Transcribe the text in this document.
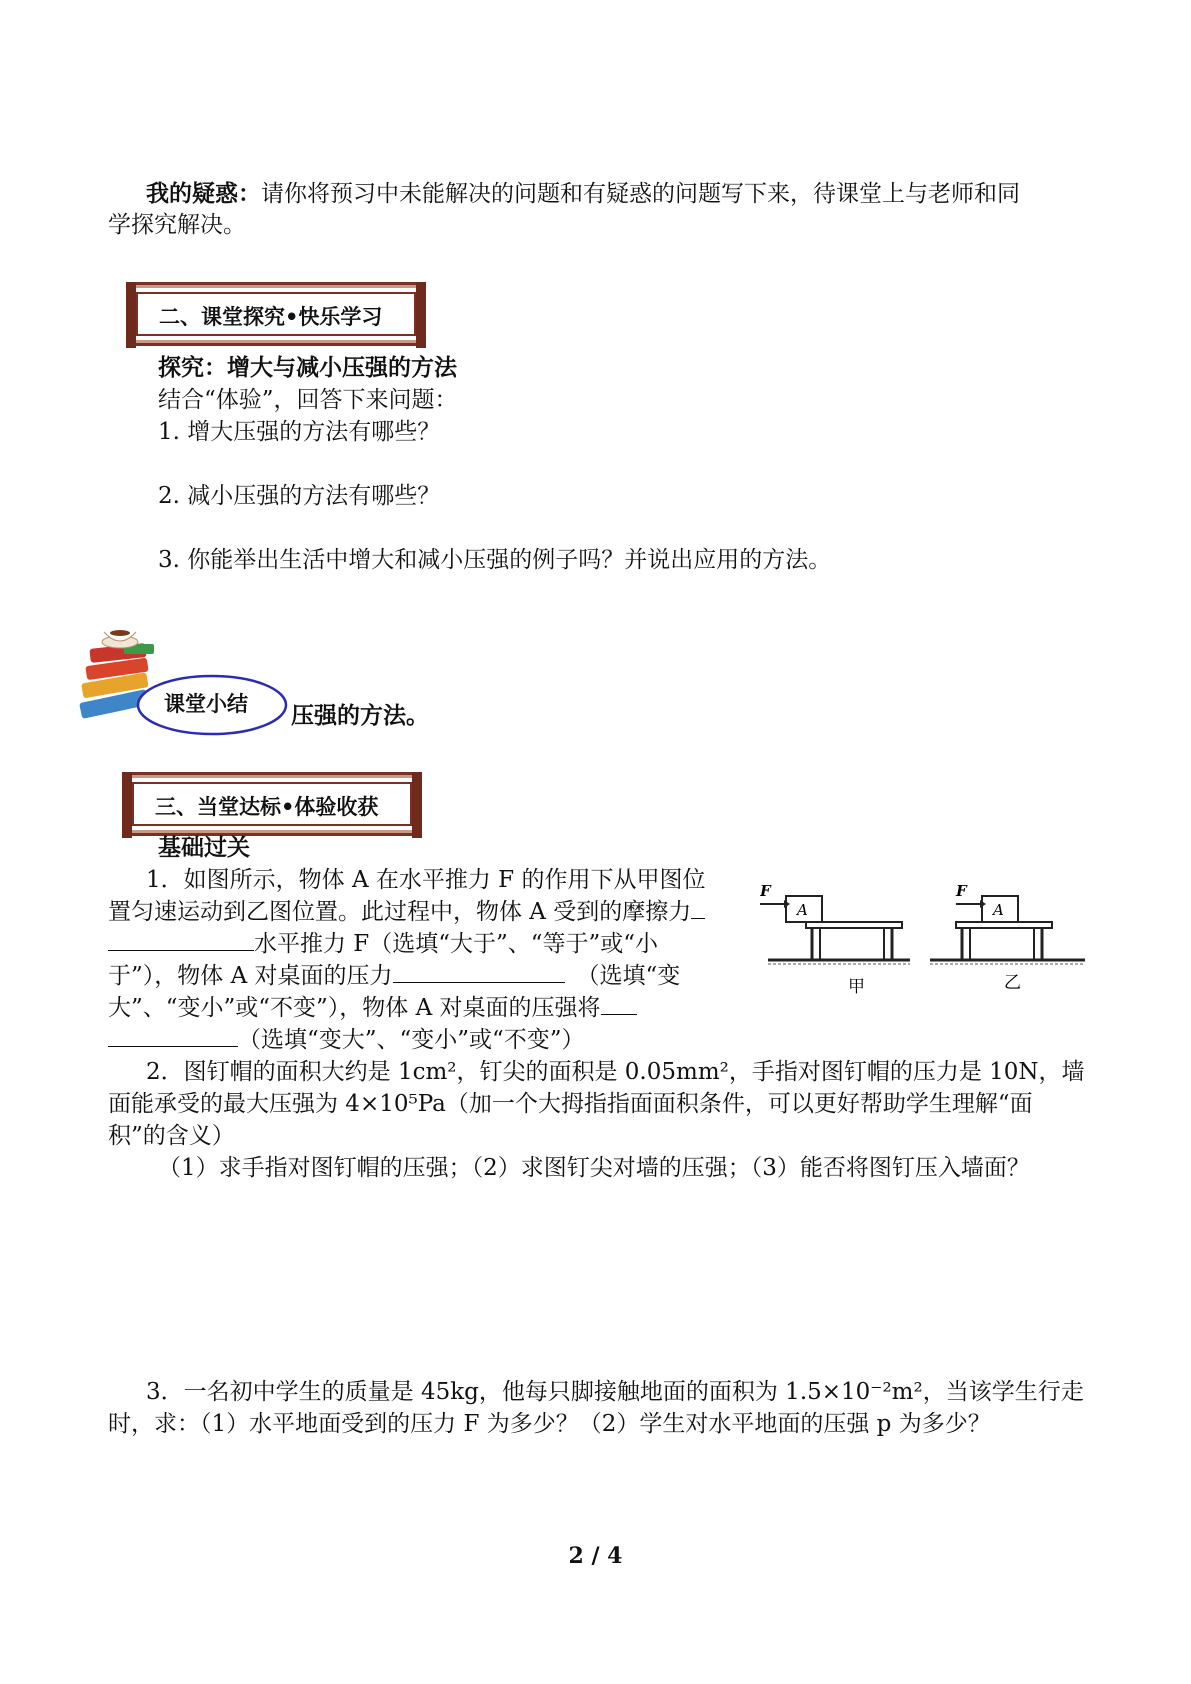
我的疑惑：请你将预习中未能解决的问题和有疑惑的问题写下来，待课堂上与老师和同
学探究解决。
二、课堂探究•快乐学习
探究：增大与减小压强的方法
结合“体验”，回答下来问题：
1. 增大压强的方法有哪些？
2. 减小压强的方法有哪些？
3. 你能举出生活中增大和减小压强的例子吗？并说出应用的方法。
课堂小结 压强的方法。
三、当堂达标•体验收获
基础过关
1．如图所示，物体 A 在水平推力 F 的作用下从甲图位
置匀速运动到乙图位置。此过程中，物体 A 受到的摩擦力
水平推力 F（选填“大于”、“等于”或“小
于”），物体 A 对桌面的压力	（选填“变
大”、“变小”或“不变”），物体 A 对桌面的压强将
（选填“变大”、“变小”或“不变”）
A
F
甲
A
F
乙
2．图钉帽的面积大约是 1cm²，钉尖的面积是 0.05mm²，手指对图钉帽的压力是 10N，墙
面能承受的最大压强为 4×10⁵Pa（加一个大拇指指面面积条件，可以更好帮助学生理解“面
积”的含义）
（1）求手指对图钉帽的压强；（2）求图钉尖对墙的压强；（3）能否将图钉压入墙面？
3．一名初中学生的质量是 45kg，他每只脚接触地面的面积为 1.5×10⁻²m²，当该学生行走
时，求：（1）水平地面受到的压力 F 为多少？（2）学生对水平地面的压强 p 为多少？
2 / 4
